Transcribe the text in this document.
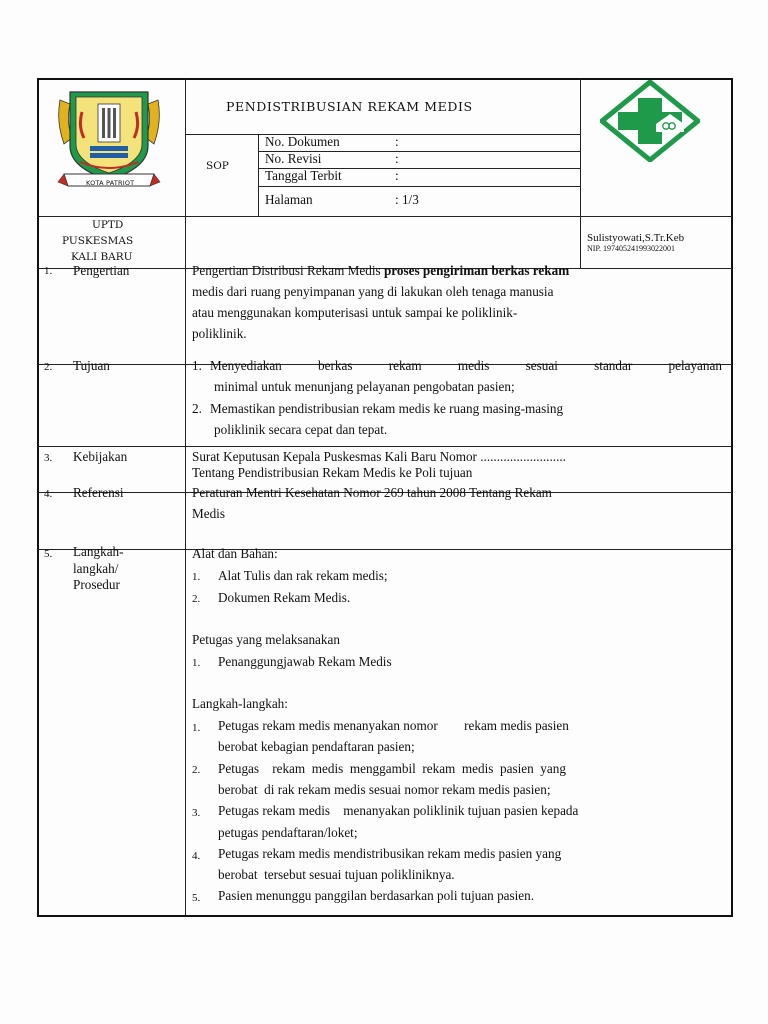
KOTA PATRIOT
PENDISTRIBUSIAN REKAM MEDIS
SOP
No. Dokumen	:
No. Revisi	:
Tanggal Terbit	:
Halaman	: 1/3
UPTD
PUSKESMAS
KALI BARU
Sulistyowati,S.Tr.Keb
NIP. 197405241993022001
1. Pengertian	Pengertian Distribusi Rekam Medis proses pengiriman berkas rekam
medis dari ruang penyimpanan yang di lakukan oleh tenaga manusia
atau menggunakan komputerisasi untuk sampai ke poliklinik-
poliklinik.
2. Tujuan	1. Menyediakan	berkas	rekam	medis	sesuai	standar	pelayanan
minimal untuk menunjang pelayanan pengobatan pasien;
2. Memastikan pendistribusian rekam medis ke ruang masing-masing
poliklinik secara cepat dan tepat.
3. Kebijakan	Surat Keputusan Kepala Puskesmas Kali Baru Nomor ..........................
Tentang Pendistribusian Rekam Medis ke Poli tujuan
4. Referensi	Peraturan Mentri Kesehatan Nomor 269 tahun 2008 Tentang Rekam
Medis
5. Langkah-
langkah/
Prosedur
Alat dan Bahan:
1. Alat Tulis dan rak rekam medis;
2. Dokumen Rekam Medis.
Petugas yang melaksanakan
1. Penanggungjawab Rekam Medis
Langkah-langkah:
1. Petugas rekam medis menanyakan nomor        rekam medis pasien
berobat kebagian pendaftaran pasien;
2. Petugas    rekam  medis  menggambil  rekam  medis  pasien  yang
berobat  di rak rekam medis sesuai nomor rekam medis pasien;
3. Petugas rekam medis    menanyakan poliklinik tujuan pasien kepada
petugas pendaftaran/loket;
4. Petugas rekam medis mendistribusikan rekam medis pasien yang
berobat  tersebut sesuai tujuan polikliniknya.
5. Pasien menunggu panggilan berdasarkan poli tujuan pasien.
